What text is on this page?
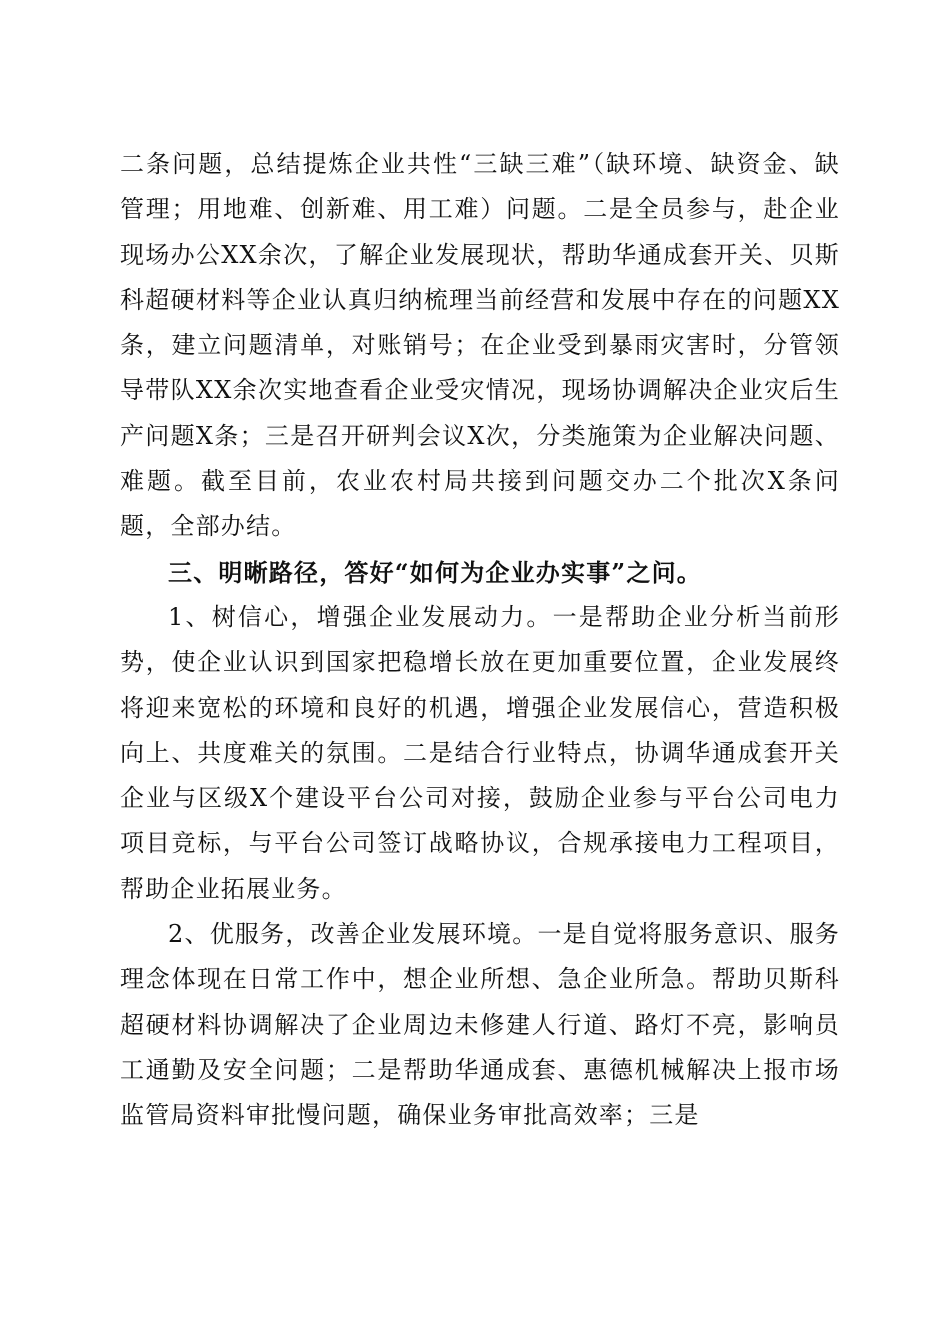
二条问题，总结提炼企业共性“三缺三难”（缺环境、缺资金、缺管理；用地难、创新难、用工难）问题。二是全员参与，赴企业现场办公XX余次，了解企业发展现状，帮助华通成套开关、贝斯科超硬材料等企业认真归纳梳理当前经营和发展中存在的问题XX条，建立问题清单，对账销号；在企业受到暴雨灾害时，分管领导带队XX余次实地查看企业受灾情况，现场协调解决企业灾后生产问题X条；三是召开研判会议X次，分类施策为企业解决问题、难题。截至目前，农业农村局共接到问题交办二个批次X条问题，全部办结。

三、明晰路径，答好“如何为企业办实事”之问。

1、树信心，增强企业发展动力。一是帮助企业分析当前形势，使企业认识到国家把稳增长放在更加重要位置，企业发展终将迎来宽松的环境和良好的机遇，增强企业发展信心，营造积极向上、共度难关的氛围。二是结合行业特点，协调华通成套开关企业与区级X个建设平台公司对接，鼓励企业参与平台公司电力项目竞标，与平台公司签订战略协议，合规承接电力工程项目，帮助企业拓展业务。

2、优服务，改善企业发展环境。一是自觉将服务意识、服务理念体现在日常工作中，想企业所想、急企业所急。帮助贝斯科超硬材料协调解决了企业周边未修建人行道、路灯不亮，影响员工通勤及安全问题；二是帮助华通成套、惠德机械解决上报市场监管局资料审批慢问题，确保业务审批高效率；三是
